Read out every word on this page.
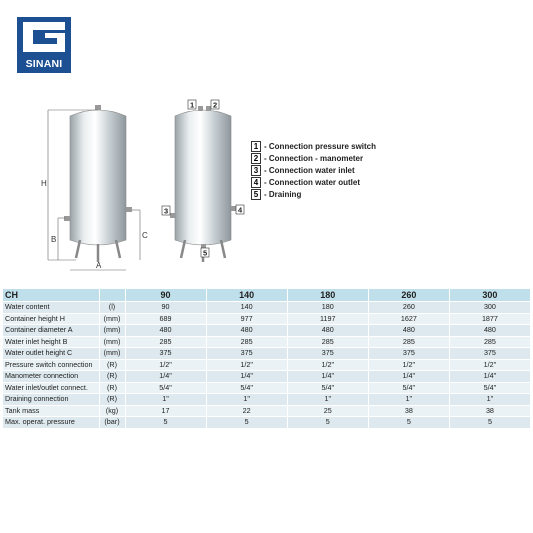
SINANI
H
B	C
A
1	2
3	4
5
1 - Connection pressure switch
2 - Connection - manometer
3 - Connection water inlet
4 - Connection water outlet
5 - Draining
CH		90	140	180	260	300
Water content	(l)	90	140	180	260	300
Container height H	(mm)	689	977	1197	1627	1877
Container diameter A	(mm)	480	480	480	480	480
Water inlet height B	(mm)	285	285	285	285	285
Water outlet height C	(mm)	375	375	375	375	375
Pressure switch connection	(R)	1/2"	1/2"	1/2"	1/2"	1/2"
Manometer connection	(R)	1/4"	1/4"	1/4"	1/4"	1/4"
Water inlet/outlet connect.	(R)	5/4"	5/4"	5/4"	5/4"	5/4"
Draining connection	(R)	1"	1"	1"	1"	1"
Tank mass	(kg)	17	22	25	38	38
Max. operat. pressure	(bar)	5	5	5	5	5
